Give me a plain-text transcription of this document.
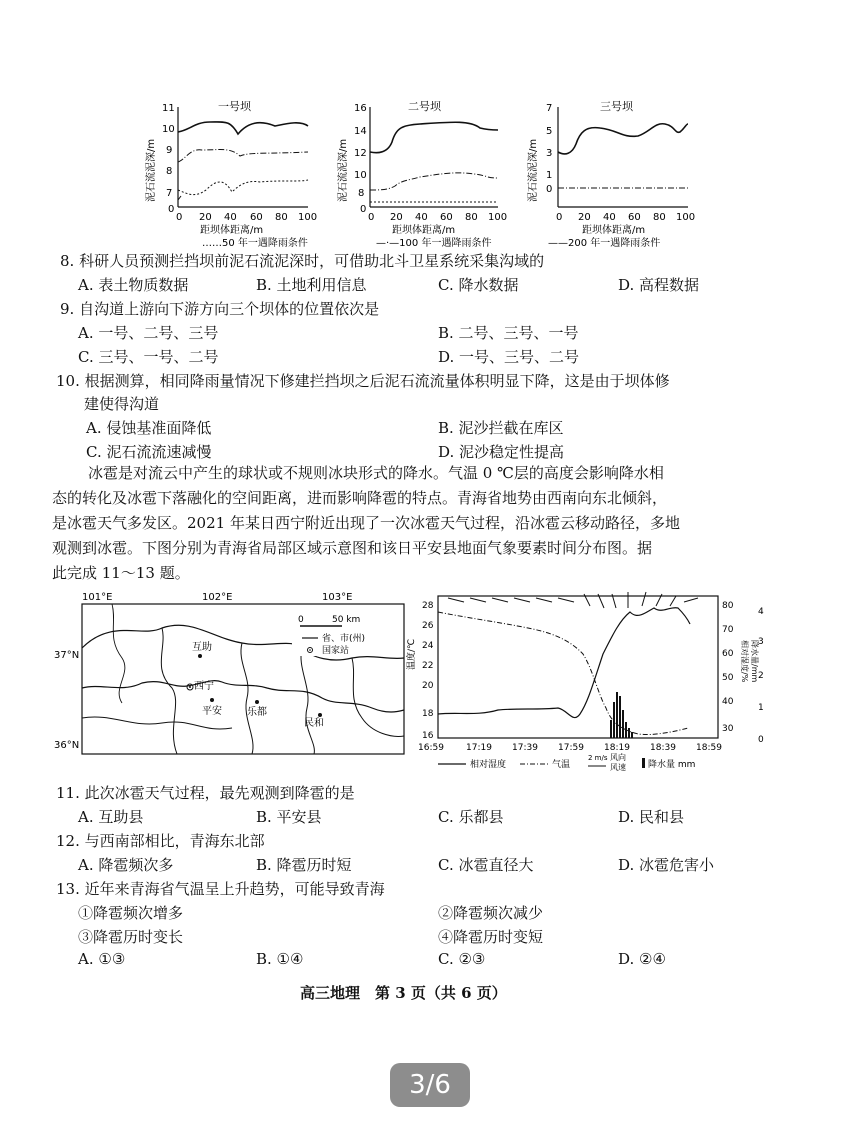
一号坝
11
10
9
8
7
0
0 20 40 60 80 100
泥石流泥深/m
距坝体距离/m
二号坝
16
14
12
10
8
0
0 20 40 60 80 100
泥石流泥深/m
距坝体距离/m
三号坝
7
5
3
1
0
0 20 40 60 80 100
泥石流泥深/m
距坝体距离/m
……50 年一遇降雨条件	—·—100 年一遇降雨条件	——200 年一遇降雨条件
8. 科研人员预测拦挡坝前泥石流泥深时，可借助北斗卫星系统采集沟域的
A. 表土物质数据	B. 土地利用信息	C. 降水数据	D. 高程数据
9. 自沟道上游向下游方向三个坝体的位置依次是
A. 一号、二号、三号	B. 二号、三号、一号
C. 三号、一号、二号	D. 一号、三号、二号
10. 根据测算，相同降雨量情况下修建拦挡坝之后泥石流流量体积明显下降，这是由于坝体修
建使得沟道
A. 侵蚀基准面降低	B. 泥沙拦截在库区
C. 泥石流流速减慢	D. 泥沙稳定性提高
冰雹是对流云中产生的球状或不规则冰块形式的降水。气温 0 ℃层的高度会影响降水相
态的转化及冰雹下落融化的空间距离，进而影响降雹的特点。青海省地势由西南向东北倾斜，
是冰雹天气多发区。2021 年某日西宁附近出现了一次冰雹天气过程，沿冰雹云移动路径，多地
观测到冰雹。下图分别为青海省局部区域示意图和该日平安县地面气象要素时间分布图。据
此完成 11～13 题。
101°E	102°E	103°E
37°N
36°N
互助
西宁
平安	乐都
民和
0	50 km
省、市(州)
国家站	温度/℃
28
26
24
22
20
18
16
80
70
60
50
40
30
相对湿度/%
4
3
2
1
0
降水量/mm
16:59 17:19 17:39 17:59 18:19 18:39 18:59
相对湿度	气温
2 m/s 风向
风速 降水量 mm
11. 此次冰雹天气过程，最先观测到降雹的是
A. 互助县	B. 平安县	C. 乐都县	D. 民和县
12. 与西南部相比，青海东北部
A. 降雹频次多	B. 降雹历时短	C. 冰雹直径大	D. 冰雹危害小
13. 近年来青海省气温呈上升趋势，可能导致青海
①降雹频次增多	②降雹频次减少
③降雹历时变长	④降雹历时变短
A. ①③	B. ①④	C. ②③	D. ②④
高三地理　第 3 页（共 6 页）
3/6
